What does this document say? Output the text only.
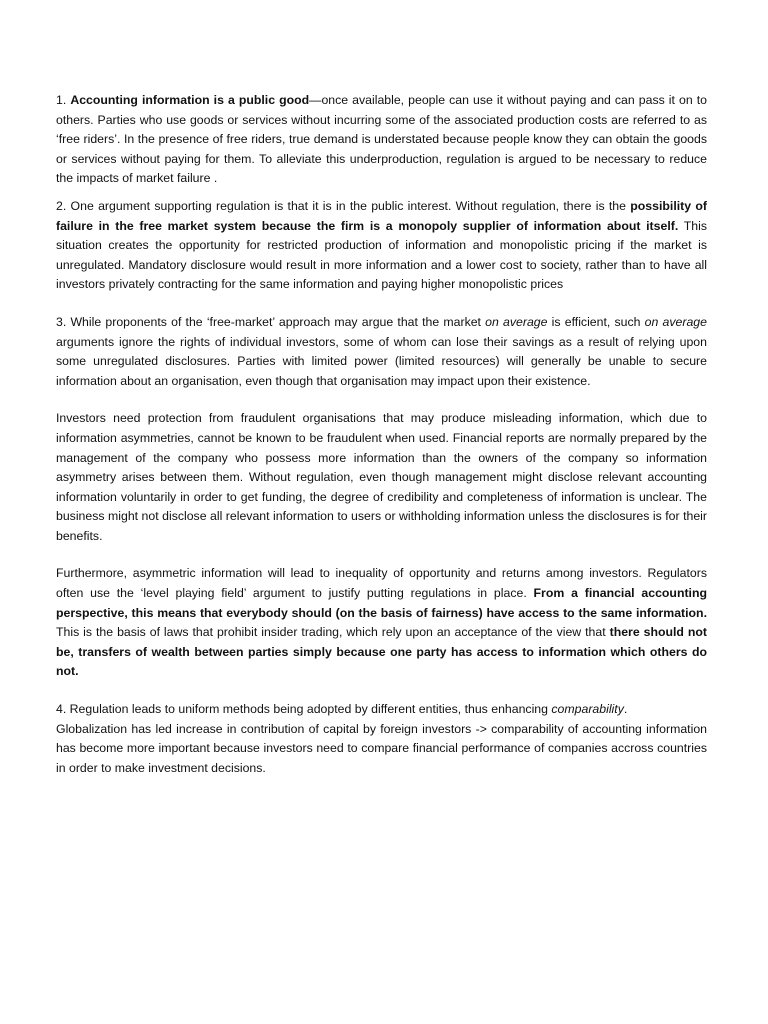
1. Accounting information is a public good—once available, people can use it without paying and can pass it on to others. Parties who use goods or services without incurring some of the associated production costs are referred to as ‘free riders’. In the presence of free riders, true demand is understated because people know they can obtain the goods or services without paying for them. To alleviate this underproduction, regulation is argued to be necessary to reduce the impacts of market failure .

2. One argument supporting regulation is that it is in the public interest. Without regulation, there is the possibility of failure in the free market system because the firm is a monopoly supplier of information about itself. This situation creates the opportunity for restricted production of information and monopolistic pricing if the market is unregulated. Mandatory disclosure would result in more information and a lower cost to society, rather than to have all investors privately contracting for the same information and paying higher monopolistic prices

3. While proponents of the ‘free-market’ approach may argue that the market on average is efficient, such on average arguments ignore the rights of individual investors, some of whom can lose their savings as a result of relying upon some unregulated disclosures. Parties with limited power (limited resources) will generally be unable to secure information about an organisation, even though that organisation may impact upon their existence.

Investors need protection from fraudulent organisations that may produce misleading information, which due to information asymmetries, cannot be known to be fraudulent when used. Financial reports are normally prepared by the management of the company who possess more information than the owners of the company so information asymmetry arises between them. Without regulation, even though management might disclose relevant accounting information voluntarily in order to get funding, the degree of credibility and completeness of information is unclear. The business might not disclose all relevant information to users or withholding information unless the disclosures is for their benefits.

Furthermore, asymmetric information will lead to inequality of opportunity and returns among investors. Regulators often use the ‘level playing field’ argument to justify putting regulations in place. From a financial accounting perspective, this means that everybody should (on the basis of fairness) have access to the same information. This is the basis of laws that prohibit insider trading, which rely upon an acceptance of the view that there should not be, transfers of wealth between parties simply because one party has access to information which others do not.

4. Regulation leads to uniform methods being adopted by different entities, thus enhancing comparability.
Globalization has led increase in contribution of capital by foreign investors -> comparability of accounting information has become more important because investors need to compare financial performance of companies accross countries in order to make investment decisions.
